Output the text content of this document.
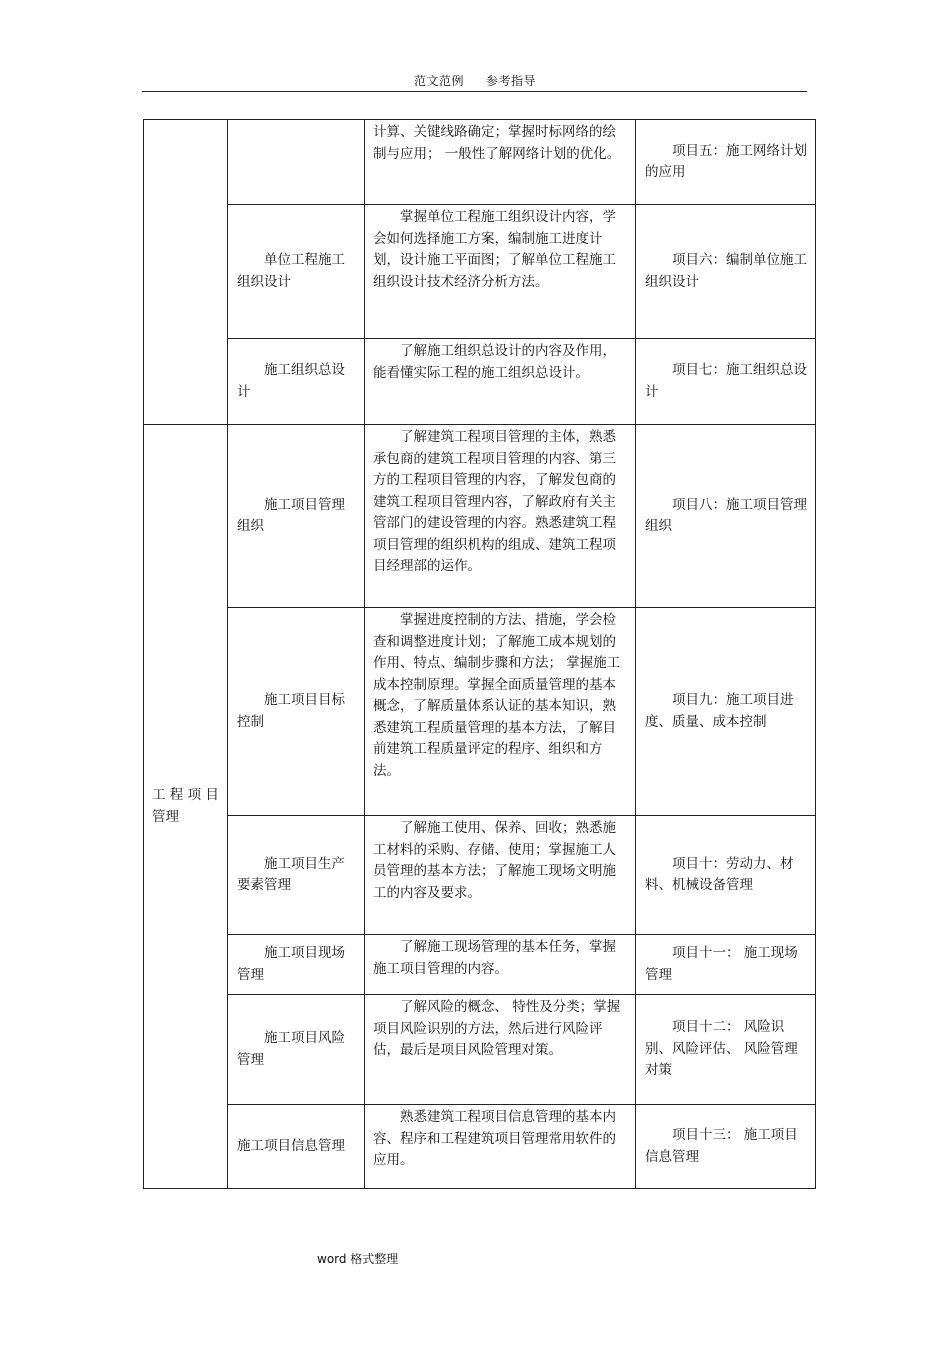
范文范例 参考指导

		计算、关键线路确定；掌握时标网络的绘制与应用； 一般性了解网络计划的优化。	项目五：施工网络计划的应用

	单位工程施工组织设计	掌握单位工程施工组织设计内容，学会如何选择施工方案，编制施工进度计划，设计施工平面图；了解单位工程施工组织设计技术经济分析方法。	项目六：编制单位施工组织设计

	施工组织总设计	了解施工组织总设计的内容及作用，能看懂实际工程的施工组织总设计。	项目七：施工组织总设计

工 程 项 目管理	施工项目管理组织	了解建筑工程项目管理的主体，熟悉承包商的建筑工程项目管理的内容、第三方的工程项目管理的内容，了解发包商的建筑工程项目管理内容，了解政府有关主管部门的建设管理的内容。熟悉建筑工程项目管理的组织机构的组成、建筑工程项目经理部的运作。	项目八：施工项目管理组织

	施工项目目标控制	掌握进度控制的方法、措施，学会检查和调整进度计划；了解施工成本规划的作用、特点、编制步骤和方法； 掌握施工成本控制原理。掌握全面质量管理的基本概念，了解质量体系认证的基本知识，熟悉建筑工程质量管理的基本方法，了解目前建筑工程质量评定的程序、组织和方法。	项目九：施工项目进度、质量、成本控制

	施工项目生产要素管理	了解施工使用、保养、回收；熟悉施工材料的采购、存储、使用；掌握施工人员管理的基本方法；了解施工现场文明施工的内容及要求。	项目十：劳动力、材料、机械设备管理

	施工项目现场管理	了解施工现场管理的基本任务，掌握施工项目管理的内容。	项目十一： 施工现场管理

	施工项目风险管理	了解风险的概念、 特性及分类；掌握项目风险识别的方法，然后进行风险评估，最后是项目风险管理对策。	项目十二： 风险识别、风险评估、 风险管理对策

	施工项目信息管理	熟悉建筑工程项目信息管理的基本内容、程序和工程建筑项目管理常用软件的应用。	项目十三： 施工项目信息管理
word 格式整理
